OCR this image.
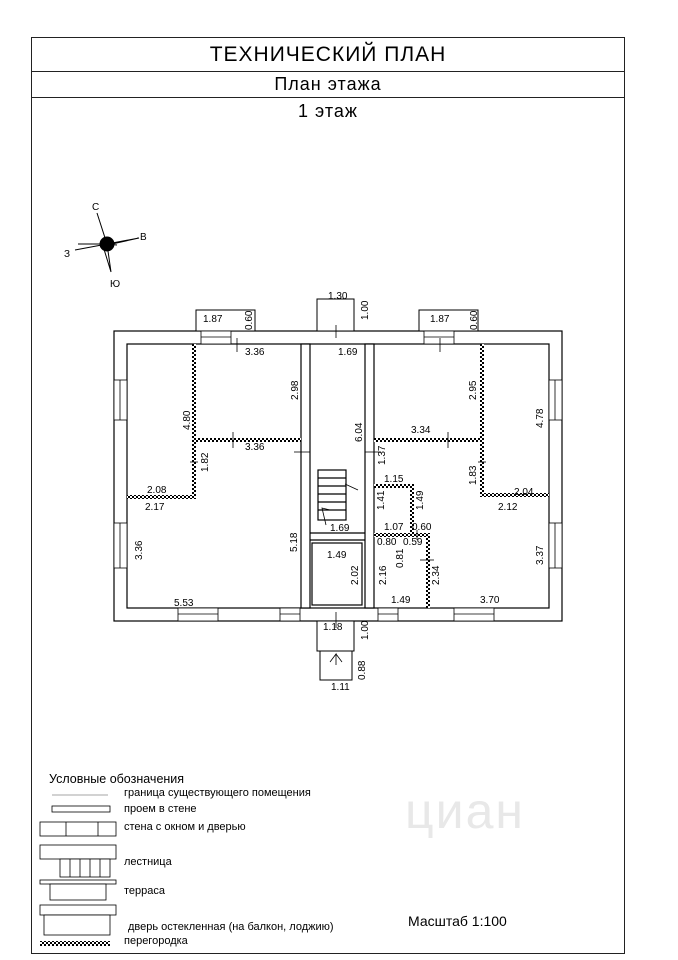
ТЕХНИЧЕСКИЙ ПЛАН
План этажа
1 этаж
циан
С
Ю
З
В
1.30
1.87	1.87
3.36	1.69
3.36
3.34
2.08
2.17
1.15
2.04
2.12
1.69	1.07 0.60
0.80 0.59
1.49
5.53	1.49	3.70
1.18
1.11
1.00
0.60	0.60
2.98
4.80
6.04
2.95
4.78
1.82	1.37
1.83
1.49
1.41
0.81
3.36	5.18
2.02 2.16	2.34
3.37
1.00
0.88
Условные обозначения
граница существующего помещения
проем в стене
стена с окном и дверью
лестница
терраса
дверь остекленная (на балкон, лоджию)
перегородка
Масштаб 1:100
